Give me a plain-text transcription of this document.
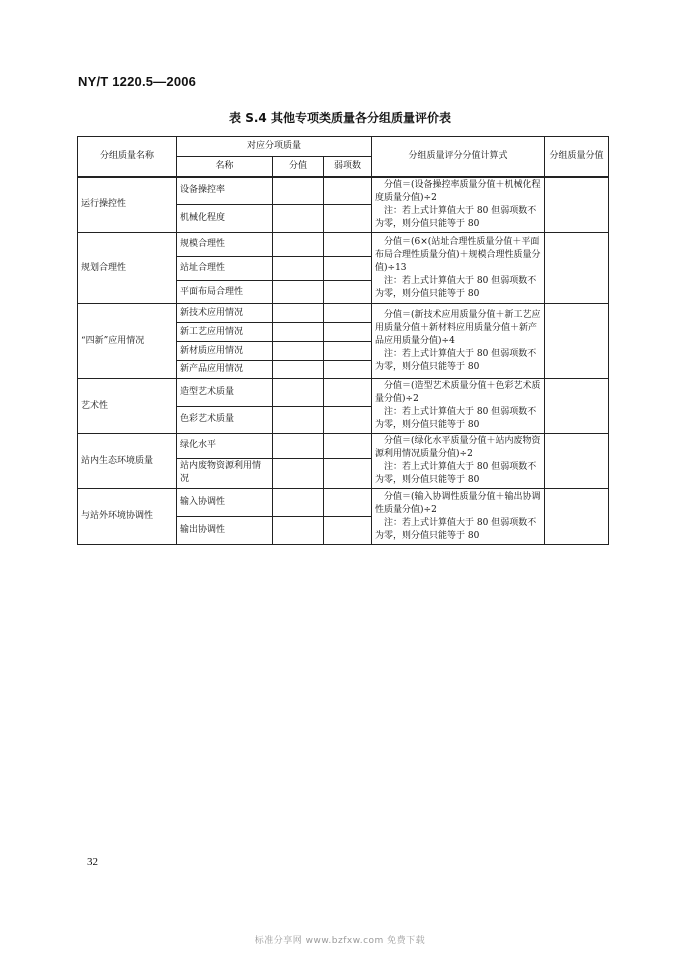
NY/T 1220.5—2006
表 S.4 其他专项类质量各分组质量评价表
分组质量名称	对应分项质量			分组质量评分分值计算式	分组质量分值
	名称	分值	弱项数		
运行操控性	设备操控率			分值＝(设备操控率质量分值＋机械化程度质量分值)÷2
注：若上式计算值大于 80 但弱项数不为零，则分值只能等于 80	

	机械化程度				
规划合理性	规模合理性			分值＝(6×(站址合理性质量分值＋平面布局合理性质量分值)＋规模合理性质量分值)÷13
注：若上式计算值大于 80 但弱项数不为零，则分值只能等于 80	

	站址合理性				
	平面布局合理性				
“四新”应用情况	新技术应用情况			分值＝(新技术应用质量分值＋新工艺应用质量分值＋新材料应用质量分值＋新产品应用质量分值)÷4
注：若上式计算值大于 80 但弱项数不为零，则分值只能等于 80	

	新工艺应用情况				
	新材质应用情况				
	新产品应用情况				
艺术性	造型艺术质量			分值＝(造型艺术质量分值＋色彩艺术质量分值)÷2
注：若上式计算值大于 80 但弱项数不为零，则分值只能等于 80	

	色彩艺术质量				
站内生态环境质量	绿化水平			分值＝(绿化水平质量分值＋站内废物资源利用情况质量分值)÷2
注：若上式计算值大于 80 但弱项数不为零，则分值只能等于 80	

	站内废物资源利用情况				
与站外环境协调性	输入协调性			分值＝(输入协调性质量分值＋输出协调性质量分值)÷2
注：若上式计算值大于 80 但弱项数不为零，则分值只能等于 80	

	输出协调性				
32
标准分享网 www.bzfxw.com 免费下载
